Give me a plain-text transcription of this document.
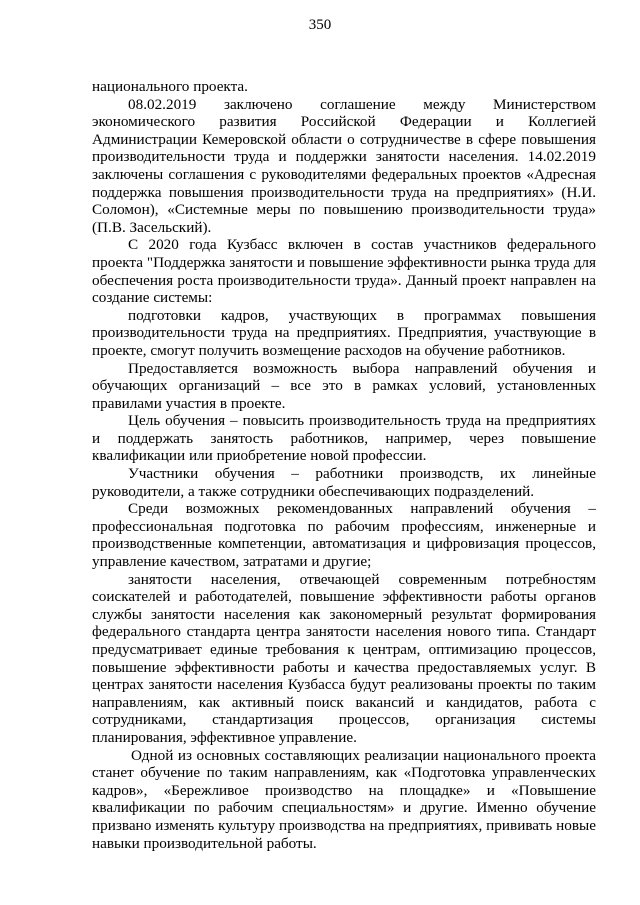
350

национального проекта.

08.02.2019 заключено соглашение между Министерством экономического развития Российской Федерации и Коллегией Администрации Кемеровской области о сотрудничестве в сфере повышения производительности труда и поддержки занятости населения. 14.02.2019 заключены соглашения с руководителями федеральных проектов «Адресная поддержка повышения производительности труда на предприятиях» (Н.И. Соломон), «Системные меры по повышению производительности труда» (П.В. Засельский).

С 2020 года Кузбасс включен в состав участников федерального проекта "Поддержка занятости и повышение эффективности рынка труда для обеспечения роста производительности труда». Данный проект направлен на создание системы:

подготовки кадров, участвующих в программах повышения производительности труда на предприятиях. Предприятия, участвующие в проекте, смогут получить возмещение расходов на обучение работников.

Предоставляется возможность выбора направлений обучения и обучающих организаций – все это в рамках условий, установленных правилами участия в проекте.

Цель обучения – повысить производительность труда на предприятиях и поддержать занятость работников, например, через повышение квалификации или приобретение новой профессии.

Участники обучения – работники производств, их линейные руководители, а также сотрудники обеспечивающих подразделений.

Среди возможных рекомендованных направлений обучения – профессиональная подготовка по рабочим профессиям, инженерные и производственные компетенции, автоматизация и цифровизация процессов, управление качеством, затратами и другие;

занятости населения, отвечающей современным потребностям соискателей и работодателей, повышение эффективности работы органов службы занятости населения как закономерный результат формирования федерального стандарта центра занятости населения нового типа. Стандарт предусматривает единые требования к центрам, оптимизацию процессов, повышение эффективности работы и качества предоставляемых услуг. В центрах занятости населения Кузбасса будут реализованы проекты по таким направлениям, как активный поиск вакансий и кандидатов, работа с сотрудниками, стандартизация процессов, организация системы планирования, эффективное управление.

Одной из основных составляющих реализации национального проекта станет обучение по таким направлениям, как «Подготовка управленческих кадров», «Бережливое производство на площадке» и «Повышение квалификации по рабочим специальностям» и другие. Именно обучение призвано изменять культуру производства на предприятиях, прививать новые навыки производительной работы.
